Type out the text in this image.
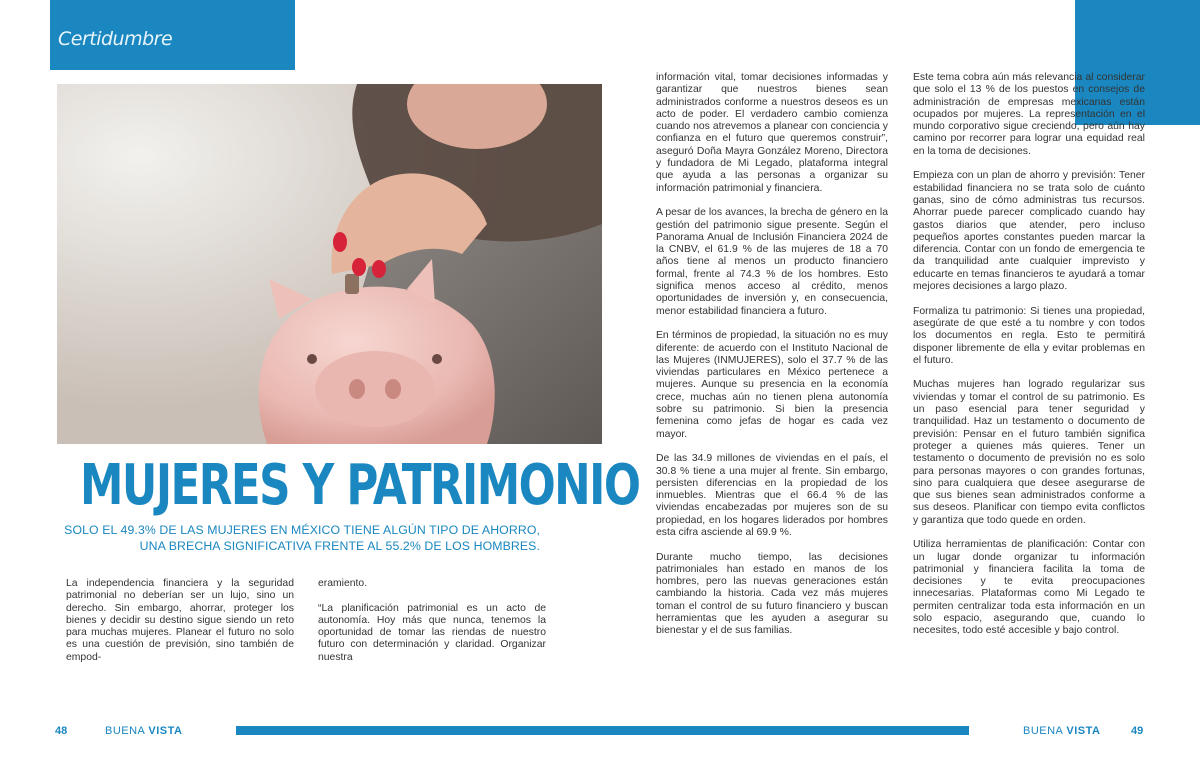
Certidumbre
MUJERES Y PATRIMONIO
SOLO EL 49.3% DE LAS MUJERES EN MÉXICO TIENE ALGÚN TIPO DE AHORRO, UNA BRECHA SIGNIFICATIVA FRENTE AL 55.2% DE LOS HOMBRES.

La independencia financiera y la seguridad patrimonial no deberían ser un lujo, sino un derecho. Sin embargo, ahorrar, proteger los bienes y decidir su destino sigue siendo un reto para muchas mujeres. Planear el futuro no solo es una cuestión de previsión, sino también de empod-

eramiento.

“La planificación patrimonial es un acto de autonomía. Hoy más que nunca, tenemos la oportunidad de tomar las riendas de nuestro futuro con determinación y claridad. Organizar nuestra

información vital, tomar decisiones informadas y garantizar que nuestros bienes sean administrados conforme a nuestros deseos es un acto de poder. El verdadero cambio comienza cuando nos atrevemos a planear con conciencia y confianza en el futuro que queremos construir”, aseguró Doña Mayra González Moreno, Directora y fundadora de Mi Legado, plataforma integral que ayuda a las personas a organizar su información patrimonial y financiera.

A pesar de los avances, la brecha de género en la gestión del patrimonio sigue presente. Según el Panorama Anual de Inclusión Financiera 2024 de la CNBV, el 61.9 % de las mujeres de 18 a 70 años tiene al menos un producto financiero formal, frente al 74.3 % de los hombres. Esto significa menos acceso al crédito, menos oportunidades de inversión y, en consecuencia, menor estabilidad financiera a futuro.

En términos de propiedad, la situación no es muy diferente: de acuerdo con el Instituto Nacional de las Mujeres (INMUJERES), solo el 37.7 % de las viviendas particulares en México pertenece a mujeres. Aunque su presencia en la economía crece, muchas aún no tienen plena autonomía sobre su patrimonio. Si bien la presencia femenina como jefas de hogar es cada vez mayor.

De las 34.9 millones de viviendas en el país, el 30.8 % tiene a una mujer al frente. Sin embargo, persisten diferencias en la propiedad de los inmuebles. Mientras que el 66.4 % de las viviendas encabezadas por mujeres son de su propiedad, en los hogares liderados por hombres esta cifra asciende al 69.9 %.

Durante mucho tiempo, las decisiones patrimoniales han estado en manos de los hombres, pero las nuevas generaciones están cambiando la historia. Cada vez más mujeres toman el control de su futuro financiero y buscan herramientas que les ayuden a asegurar su bienestar y el de sus familias.

Este tema cobra aún más relevancia al considerar que solo el 13 % de los puestos en consejos de administración de empresas mexicanas están ocupados por mujeres. La representación en el mundo corporativo sigue creciendo, pero aún hay camino por recorrer para lograr una equidad real en la toma de decisiones.

Empieza con un plan de ahorro y previsión: Tener estabilidad financiera no se trata solo de cuánto ganas, sino de cómo administras tus recursos. Ahorrar puede parecer complicado cuando hay gastos diarios que atender, pero incluso pequeños aportes constantes pueden marcar la diferencia. Contar con un fondo de emergencia te da tranquilidad ante cualquier imprevisto y educarte en temas financieros te ayudará a tomar mejores decisiones a largo plazo.

Formaliza tu patrimonio: Si tienes una propiedad, asegúrate de que esté a tu nombre y con todos los documentos en regla. Esto te permitirá disponer libremente de ella y evitar problemas en el futuro.

Muchas mujeres han logrado regularizar sus viviendas y tomar el control de su patrimonio. Es un paso esencial para tener seguridad y tranquilidad. Haz un testamento o documento de previsión: Pensar en el futuro también significa proteger a quienes más quieres. Tener un testamento o documento de previsión no es solo para personas mayores o con grandes fortunas, sino para cualquiera que desee asegurarse de que sus bienes sean administrados conforme a sus deseos. Planificar con tiempo evita conflictos y garantiza que todo quede en orden.

Utiliza herramientas de planificación: Contar con un lugar donde organizar tu información patrimonial y financiera facilita la toma de decisiones y te evita preocupaciones innecesarias. Plataformas como Mi Legado te permiten centralizar toda esta información en un solo espacio, asegurando que, cuando lo necesites, todo esté accesible y bajo control.

48	BUENA VISTA	BUENA VISTA	49
